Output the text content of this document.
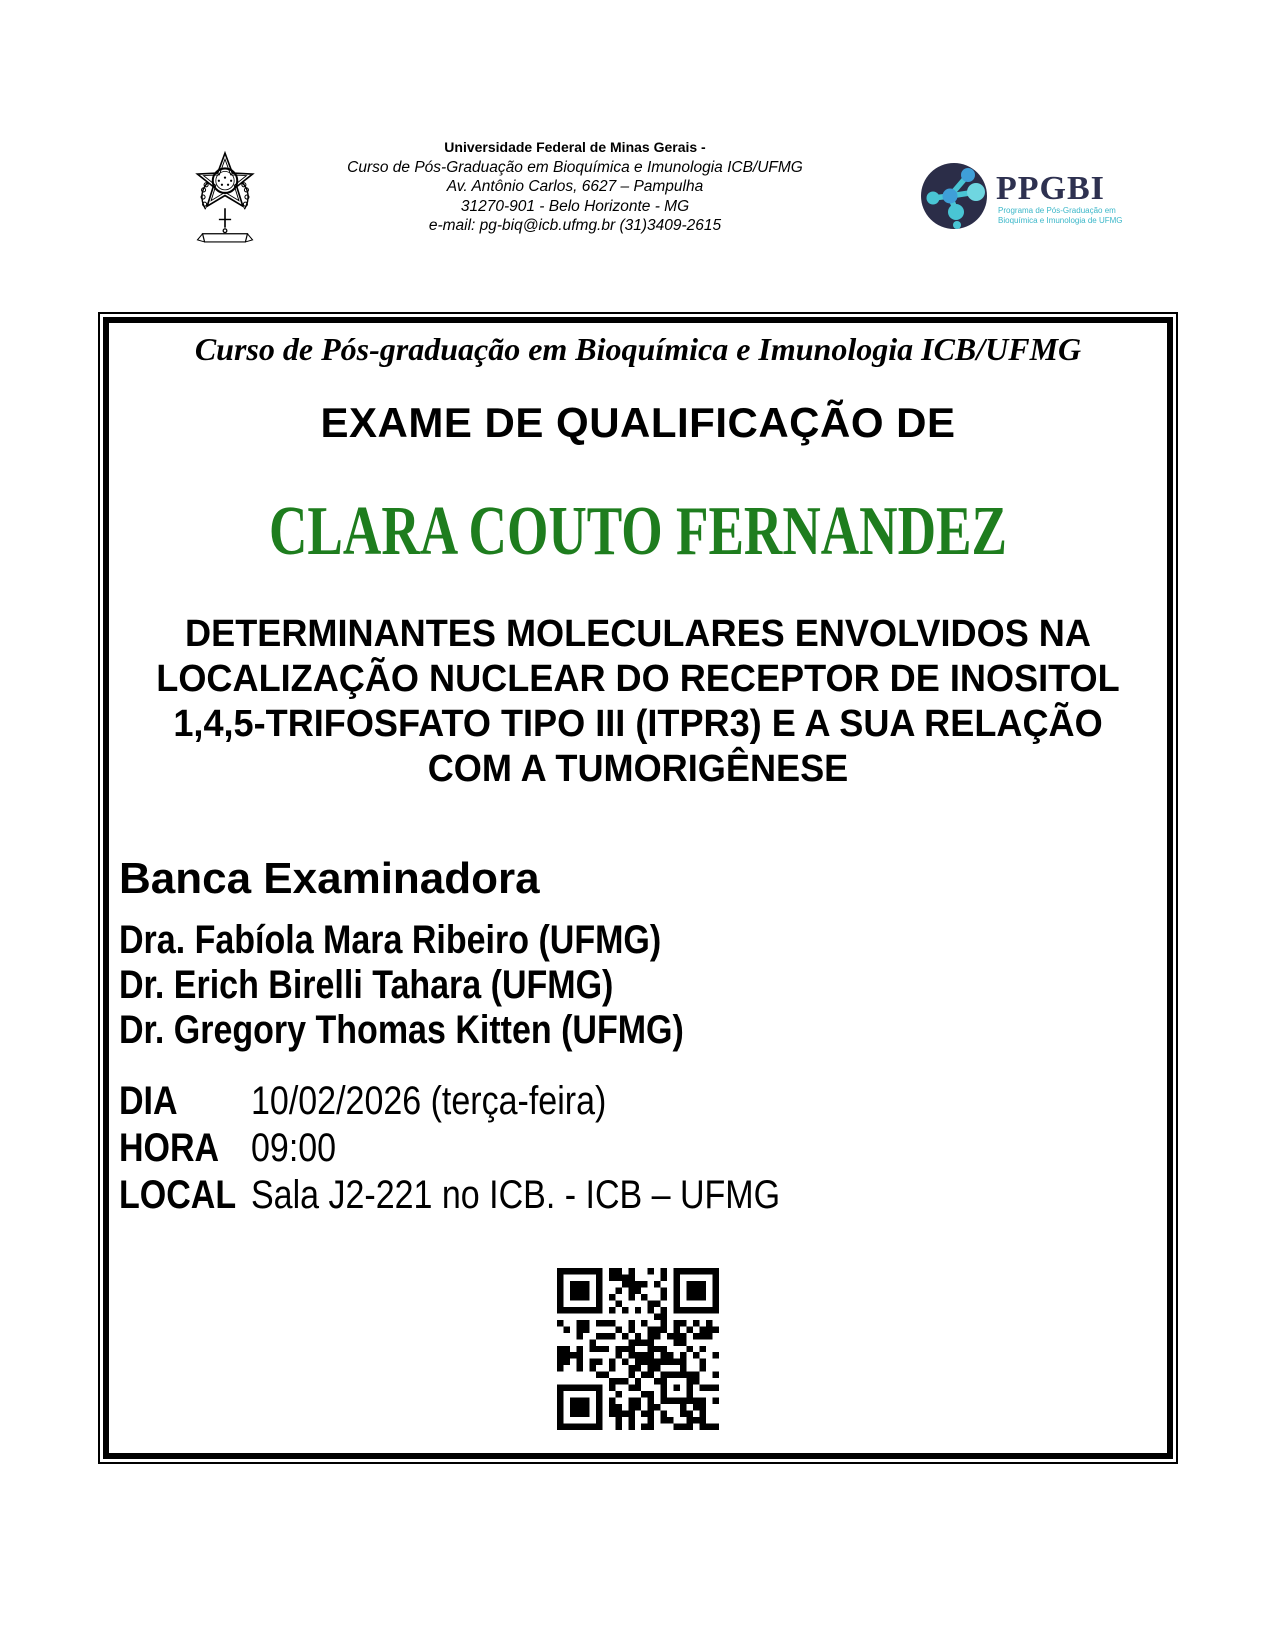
Universidade Federal de Minas Gerais -
Curso de Pós-Graduação em Bioquímica e Imunologia ICB/UFMG
Av. Antônio Carlos, 6627 – Pampulha
31270-901 - Belo Horizonte - MG
e-mail: pg-biq@icb.ufmg.br (31)3409-2615
PPGBI
Programa de Pós-Graduação em
Bioquímica e Imunologia de UFMG
Curso de Pós-graduação em Bioquímica e Imunologia ICB/UFMG
EXAME DE QUALIFICAÇÃO DE
CLARA COUTO FERNANDEZ
DETERMINANTES MOLECULARES ENVOLVIDOS NA
LOCALIZAÇÃO NUCLEAR DO RECEPTOR DE INOSITOL
1,4,5-TRIFOSFATO TIPO III (ITPR3) E A SUA RELAÇÃO
COM A TUMORIGÊNESE
Banca Examinadora
Dra. Fabíola Mara Ribeiro (UFMG)
Dr. Erich Birelli Tahara (UFMG)
Dr. Gregory Thomas Kitten (UFMG)
DIA	10/02/2026 (terça-feira)
HORA 09:00
LOCAL Sala J2-221 no ICB. - ICB – UFMG
